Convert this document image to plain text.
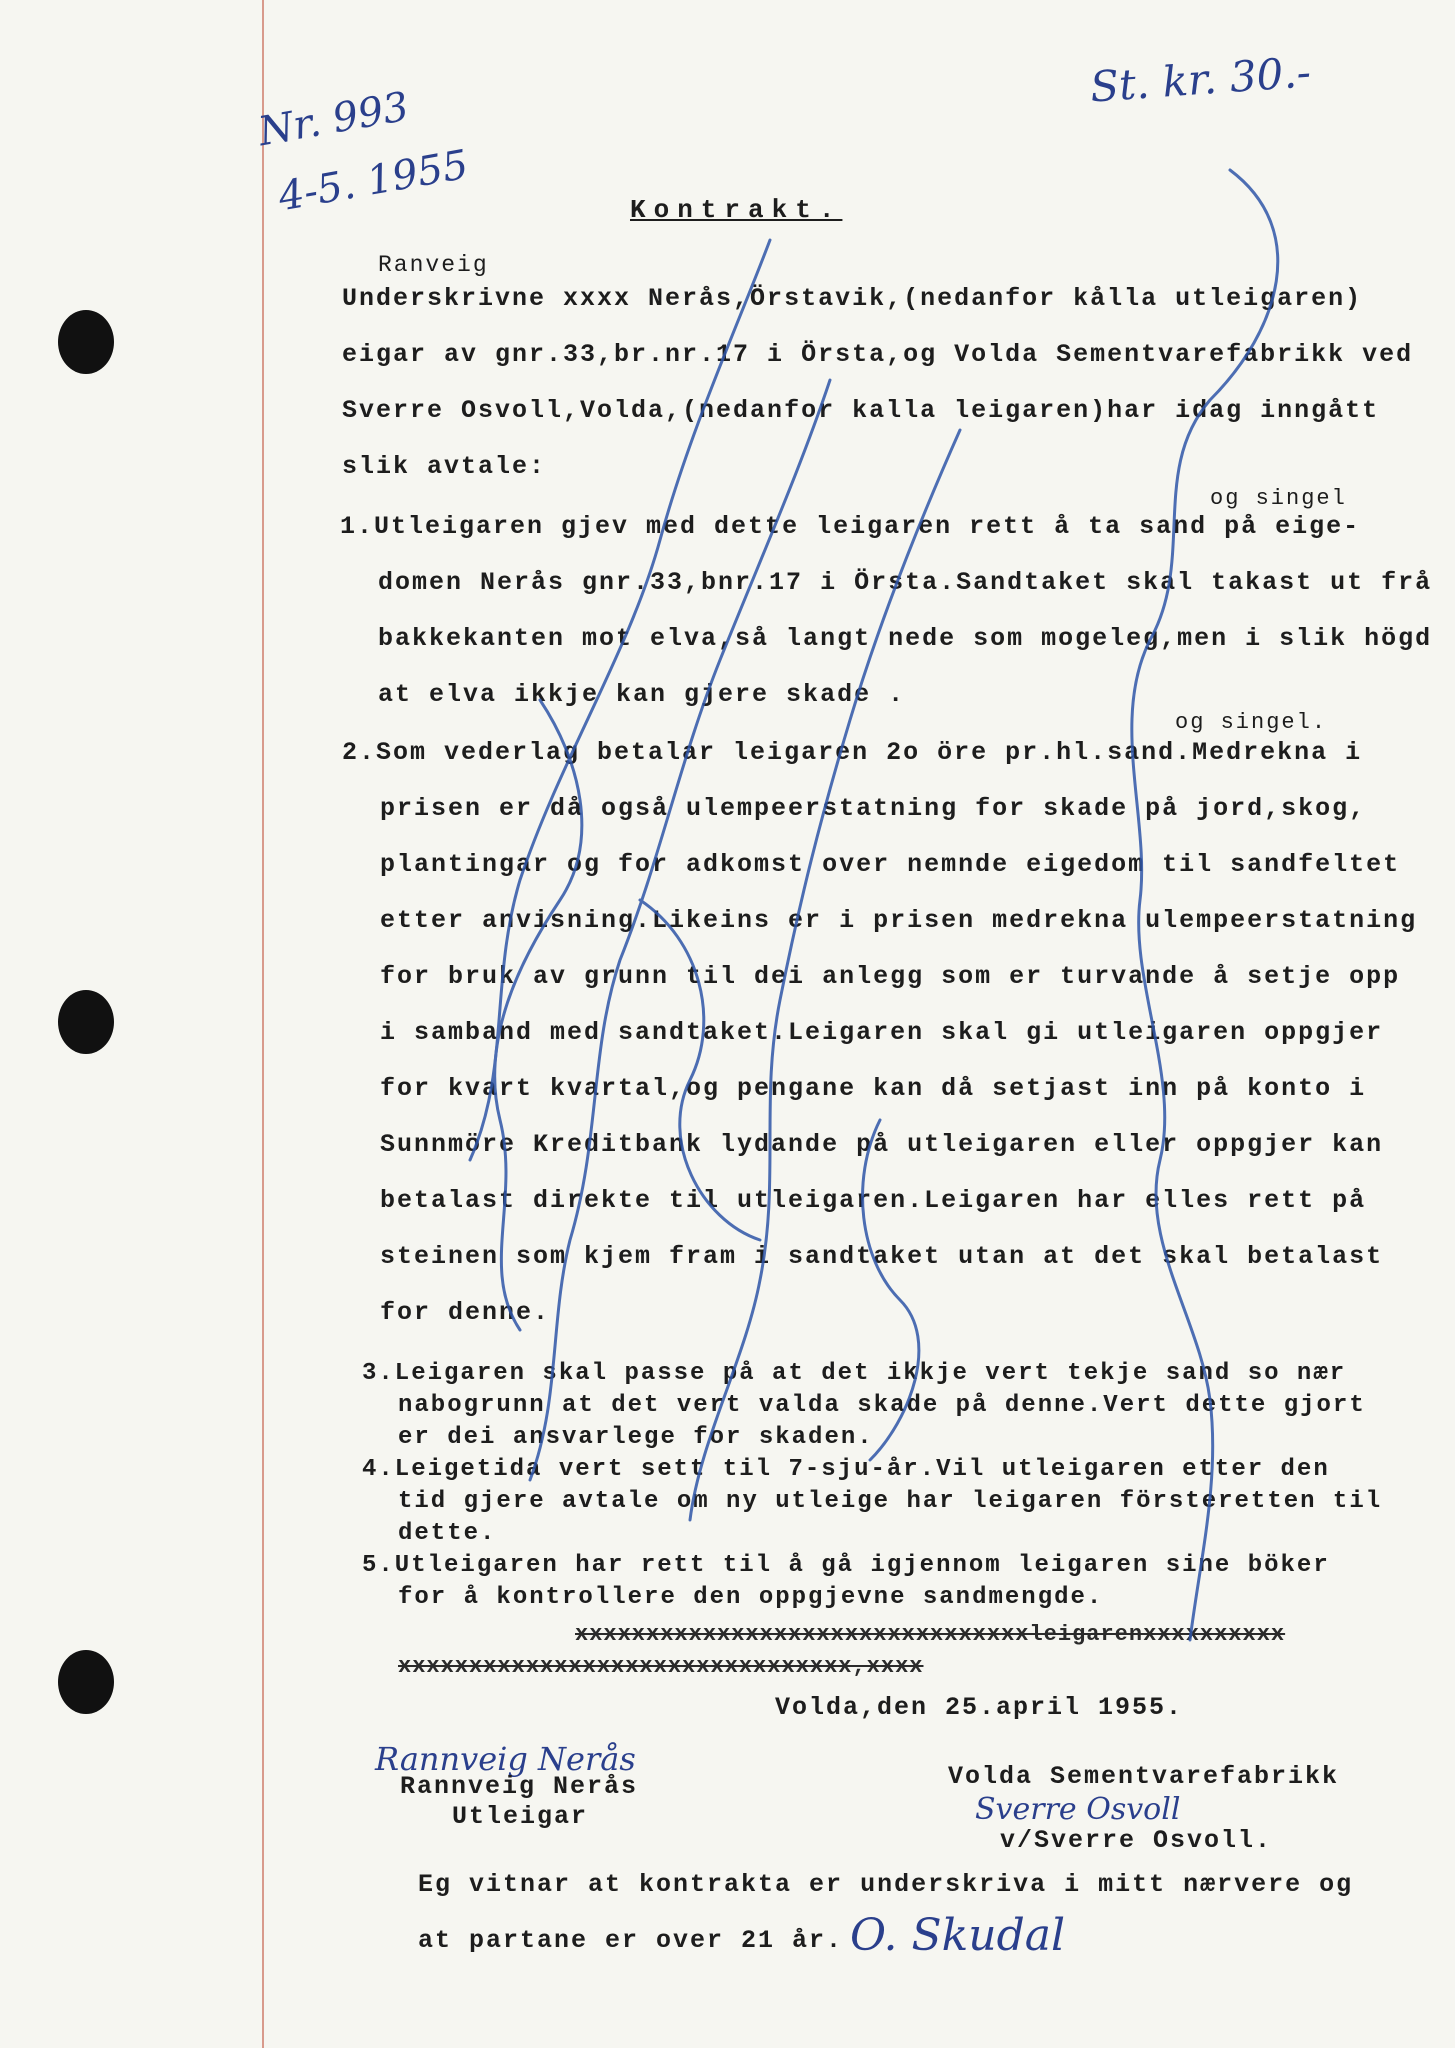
Nr. 993
4-5. 1955
St. kr. 30.-
Kontrakt.
Ranveig
Underskrivne xxxx Nerås,Örstavik,(nedanfor kålla utleigaren)
eigar av gnr.33,br.nr.17 i Örsta,og Volda Sementvarefabrikk ved
Sverre Osvoll,Volda,(nedanfor kalla leigaren)har idag inngått
slik avtale:
og singel
1.Utleigaren gjev med dette leigaren rett å ta sand på eige-
domen Nerås gnr.33,bnr.17 i Örsta.Sandtaket skal takast ut frå
bakkekanten mot elva,så langt nede som mogeleg,men i slik högd
at elva ikkje kan gjere skade .
og singel.
2.Som vederlag betalar leigaren 2o öre pr.hl.sand.Medrekna i
prisen er då også ulempeerstatning for skade på jord,skog,
plantingar og for adkomst over nemnde eigedom til sandfeltet
etter anvisning.Likeins er i prisen medrekna ulempeerstatning
for bruk av grunn til dei anlegg som er turvande å setje opp
i samband med sandtaket.Leigaren skal gi utleigaren oppgjer
for kvart kvartal,og pengane kan då setjast inn på konto i
Sunnmöre Kreditbank lydande på utleigaren eller oppgjer kan
betalast direkte til utleigaren.Leigaren har elles rett på
steinen som kjem fram i sandtaket utan at det skal betalast
for denne.
3.Leigaren skal passe på at det ikkje vert tekje sand so nær
nabogrunn at det vert valda skade på denne.Vert dette gjort
er dei ansvarlege for skaden.
4.Leigetida vert sett til 7-sju-år.Vil utleigaren etter den
tid gjere avtale om ny utleige har leigaren försteretten til
dette.
5.Utleigaren har rett til å gå igjennom leigaren sine böker
for å kontrollere den oppgjevne sandmengde.
xxxxxxxxxxxxxxxxxxxxxxxxxxxxxxxxleigarenxxxxxxxxxx
xxxxxxxxxxxxxxxxxxxxxxxxxxxxxxxx,xxxx
Volda,den 25.april 1955.
Rannveig Nerås
Rannveig Nerås
Utleigar
Volda Sementvarefabrikk
Sverre Osvoll
v/Sverre Osvoll.
Eg vitnar at kontrakta er underskriva i mitt nærvere og
at partane er over 21 år. O. Skudal
